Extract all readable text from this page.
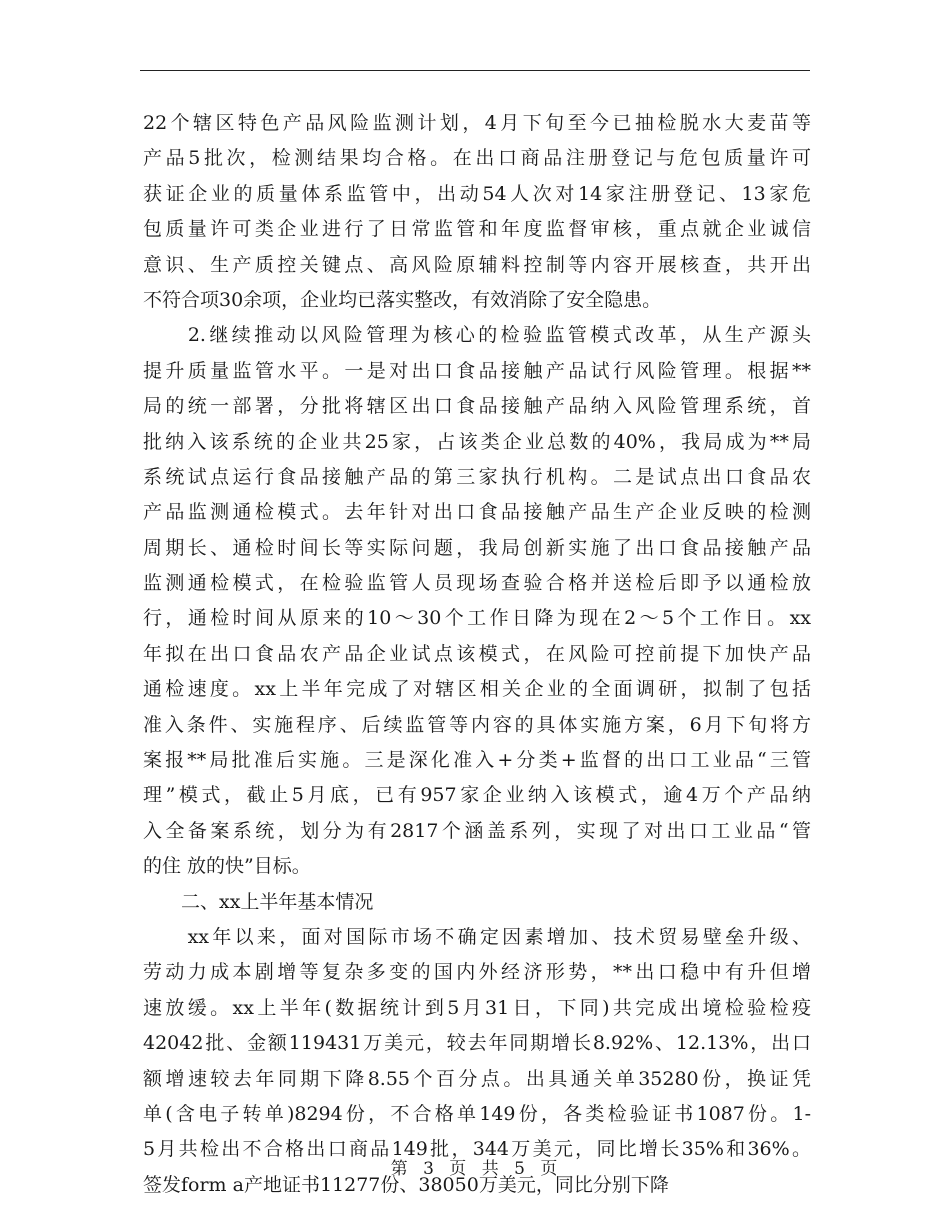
22个辖区特色产品风险监测计划，4月下旬至今已抽检脱水大麦苗等
产品5批次，检测结果均合格。在出口商品注册登记与危包质量许可
获证企业的质量体系监管中，出动54人次对14家注册登记、13家危
包质量许可类企业进行了日常监管和年度监督审核，重点就企业诚信
意识、生产质控关键点、高风险原辅料控制等内容开展核查，共开出
不符合项30余项，企业均已落实整改，有效消除了安全隐患。
　　2.继续推动以风险管理为核心的检验监管模式改革，从生产源头
提升质量监管水平。一是对出口食品接触产品试行风险管理。根据**
局的统一部署，分批将辖区出口食品接触产品纳入风险管理系统，首
批纳入该系统的企业共25家，占该类企业总数的40%，我局成为**局
系统试点运行食品接触产品的第三家执行机构。二是试点出口食品农
产品监测通检模式。去年针对出口食品接触产品生产企业反映的检测
周期长、通检时间长等实际问题，我局创新实施了出口食品接触产品
监测通检模式，在检验监管人员现场查验合格并送检后即予以通检放
行，通检时间从原来的10～30个工作日降为现在2～5个工作日。xx
年拟在出口食品农产品企业试点该模式，在风险可控前提下加快产品
通检速度。xx上半年完成了对辖区相关企业的全面调研，拟制了包括
准入条件、实施程序、后续监管等内容的具体实施方案，6月下旬将方
案报**局批准后实施。三是深化准入+分类+监督的出口工业品“三管
理”模式，截止5月底，已有957家企业纳入该模式，逾4万个产品纳
入全备案系统，划分为有2817个涵盖系列，实现了对出口工业品“管
的住 放的快”目标。
　　二、xx上半年基本情况
　　xx年以来，面对国际市场不确定因素增加、技术贸易壁垒升级、
劳动力成本剧增等复杂多变的国内外经济形势，**出口稳中有升但增
速放缓。xx上半年(数据统计到5月31日，下同)共完成出境检验检疫
42042批、金额119431万美元，较去年同期增长8.92%、12.13%，出口
额增速较去年同期下降8.55个百分点。出具通关单35280份，换证凭
单(含电子转单)8294份，不合格单149份，各类检验证书1087份。1-
5月共检出不合格出口商品149批，344万美元，同比增长35%和36%。
签发form a产地证书11277份、38050万美元，同比分别下降
第 3 页 共 5 页
